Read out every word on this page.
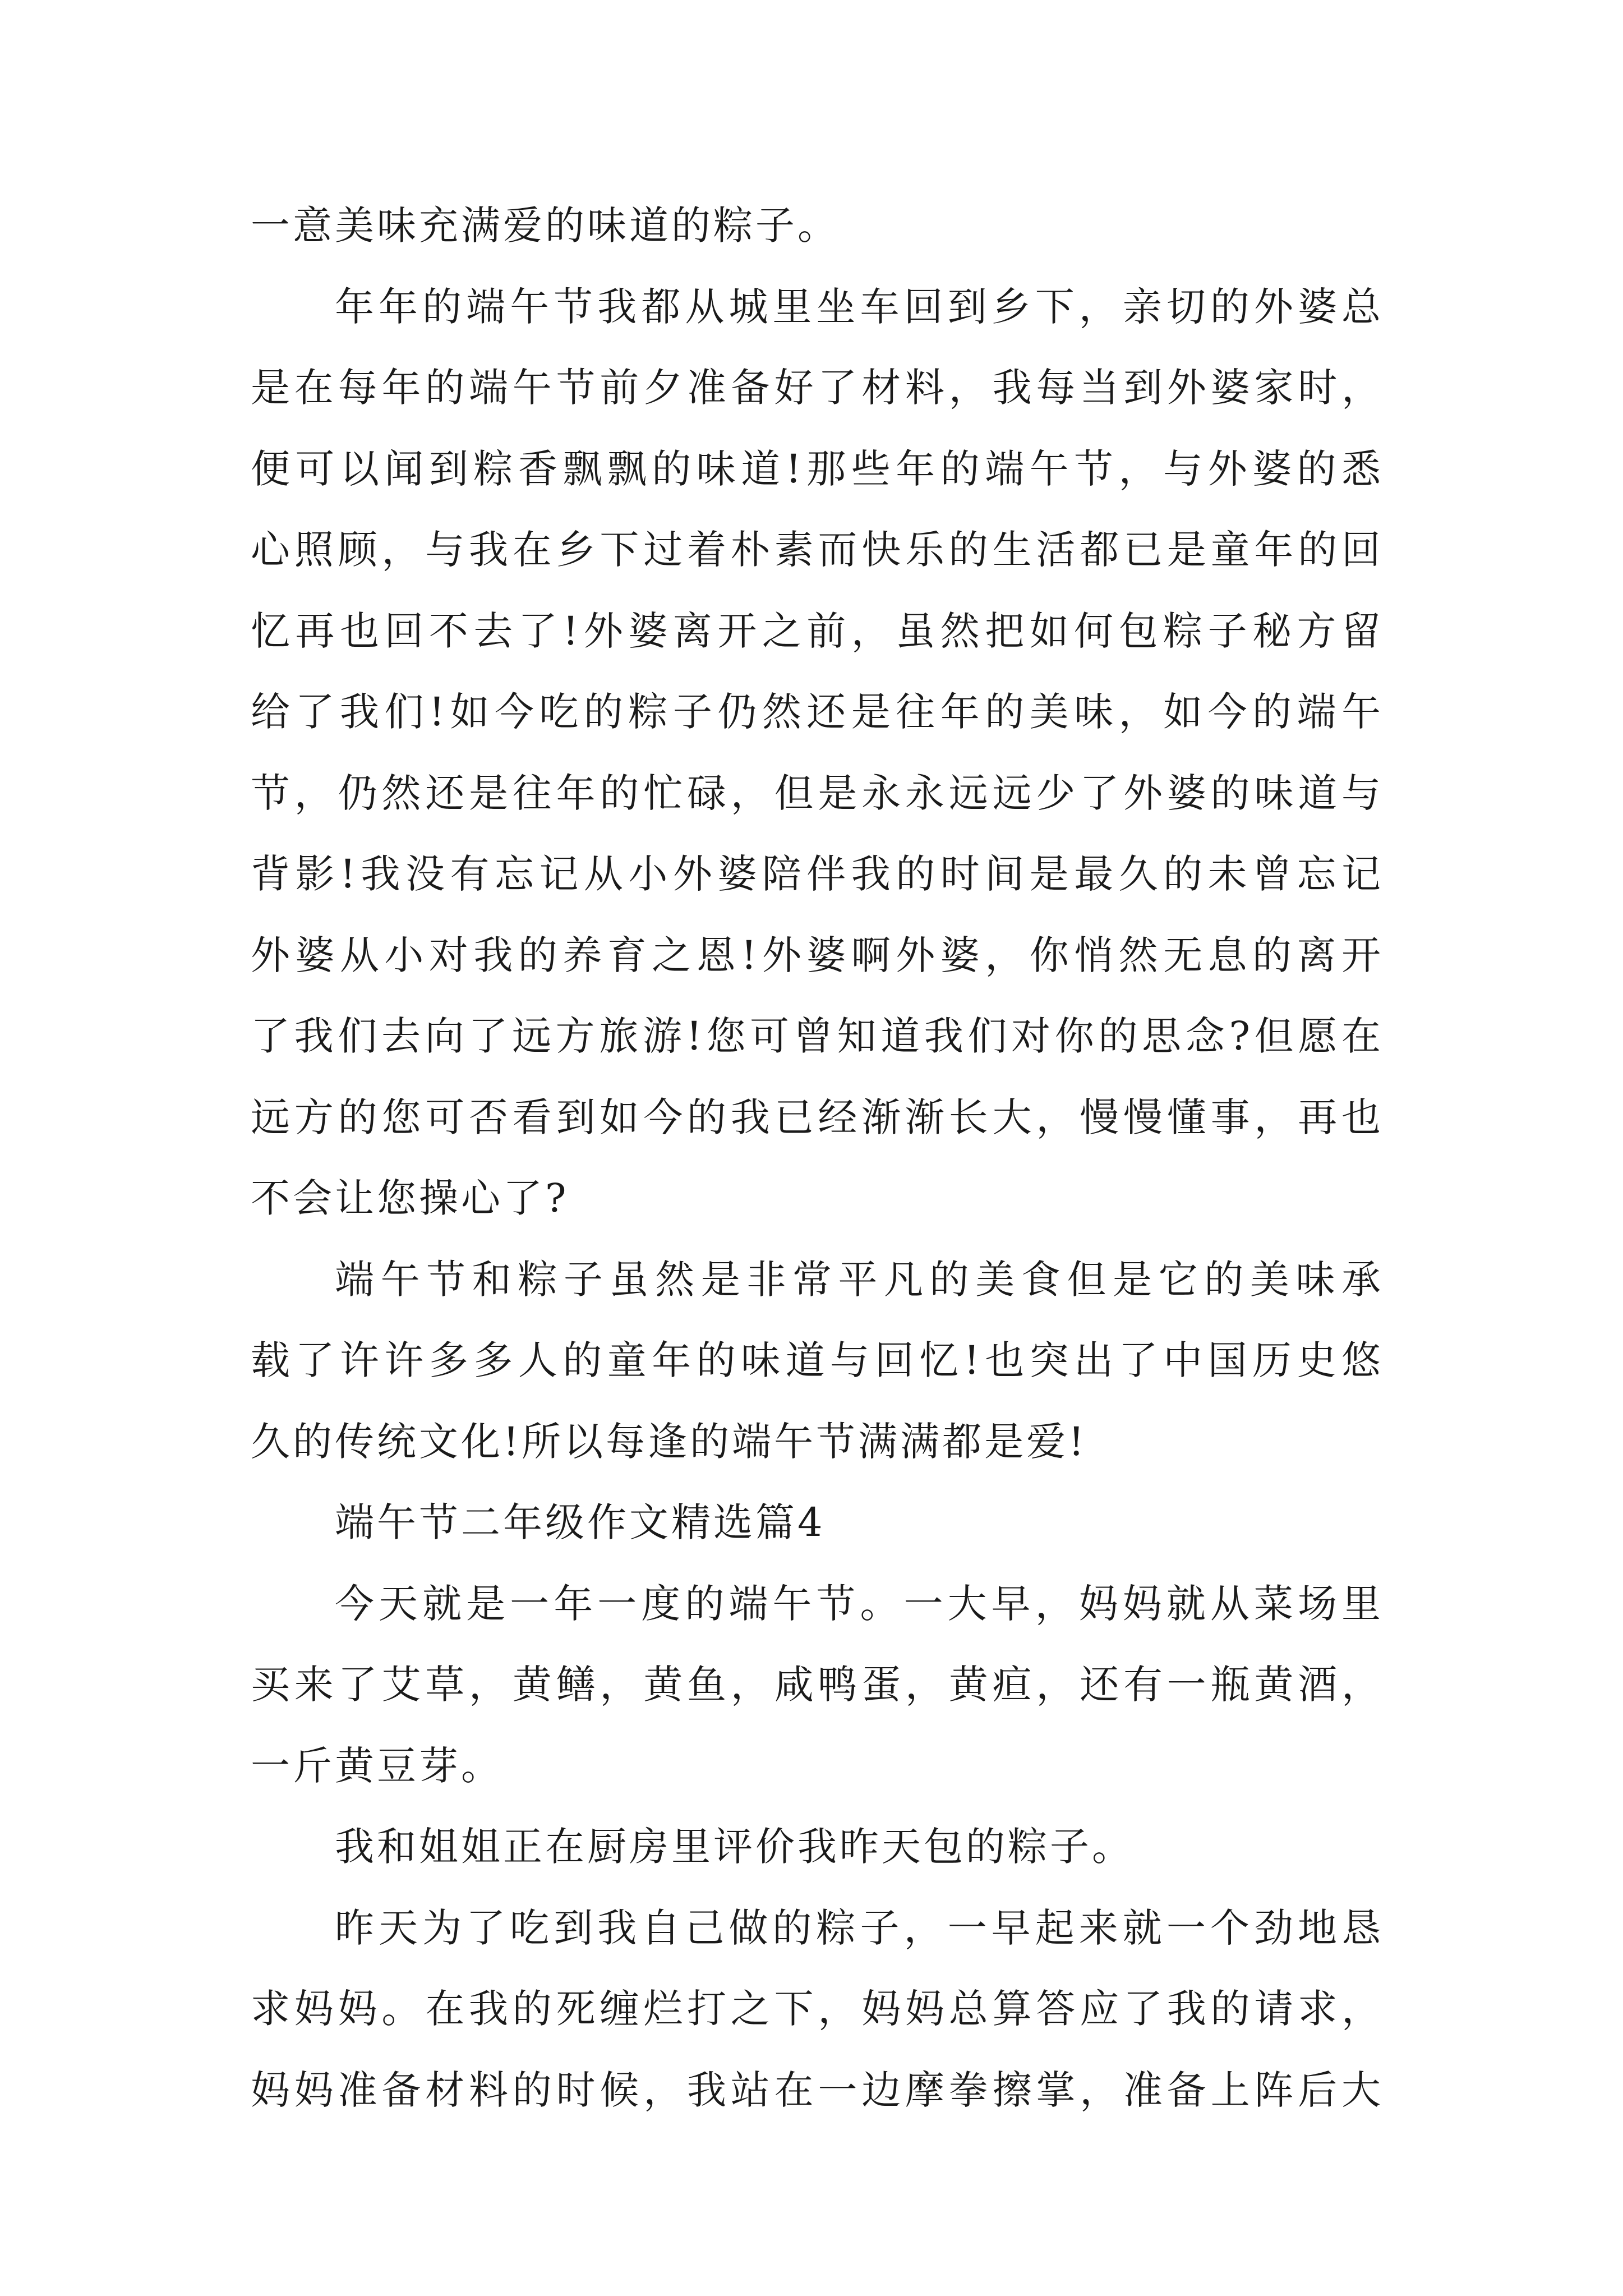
一意美味充满爱的味道的粽子。
年年的端午节我都从城里坐车回到乡下，亲切的外婆总
是在每年的端午节前夕准备好了材料，我每当到外婆家时，
便可以闻到粽香飘飘的味道!那些年的端午节，与外婆的悉
心照顾，与我在乡下过着朴素而快乐的生活都已是童年的回
忆再也回不去了!外婆离开之前，虽然把如何包粽子秘方留
给了我们!如今吃的粽子仍然还是往年的美味，如今的端午
节，仍然还是往年的忙碌，但是永永远远少了外婆的味道与
背影!我没有忘记从小外婆陪伴我的时间是最久的未曾忘记
外婆从小对我的养育之恩!外婆啊外婆，你悄然无息的离开
了我们去向了远方旅游!您可曾知道我们对你的思念?但愿在
远方的您可否看到如今的我已经渐渐长大，慢慢懂事，再也
不会让您操心了?
端午节和粽子虽然是非常平凡的美食但是它的美味承
载了许许多多人的童年的味道与回忆!也突出了中国历史悠
久的传统文化!所以每逢的端午节满满都是爱!
端午节二年级作文精选篇4
今天就是一年一度的端午节。一大早，妈妈就从菜场里
买来了艾草，黄鳝，黄鱼，咸鸭蛋，黄疸，还有一瓶黄酒，
一斤黄豆芽。
我和姐姐正在厨房里评价我昨天包的粽子。
昨天为了吃到我自己做的粽子，一早起来就一个劲地恳
求妈妈。在我的死缠烂打之下，妈妈总算答应了我的请求，
妈妈准备材料的时候，我站在一边摩拳擦掌，准备上阵后大
